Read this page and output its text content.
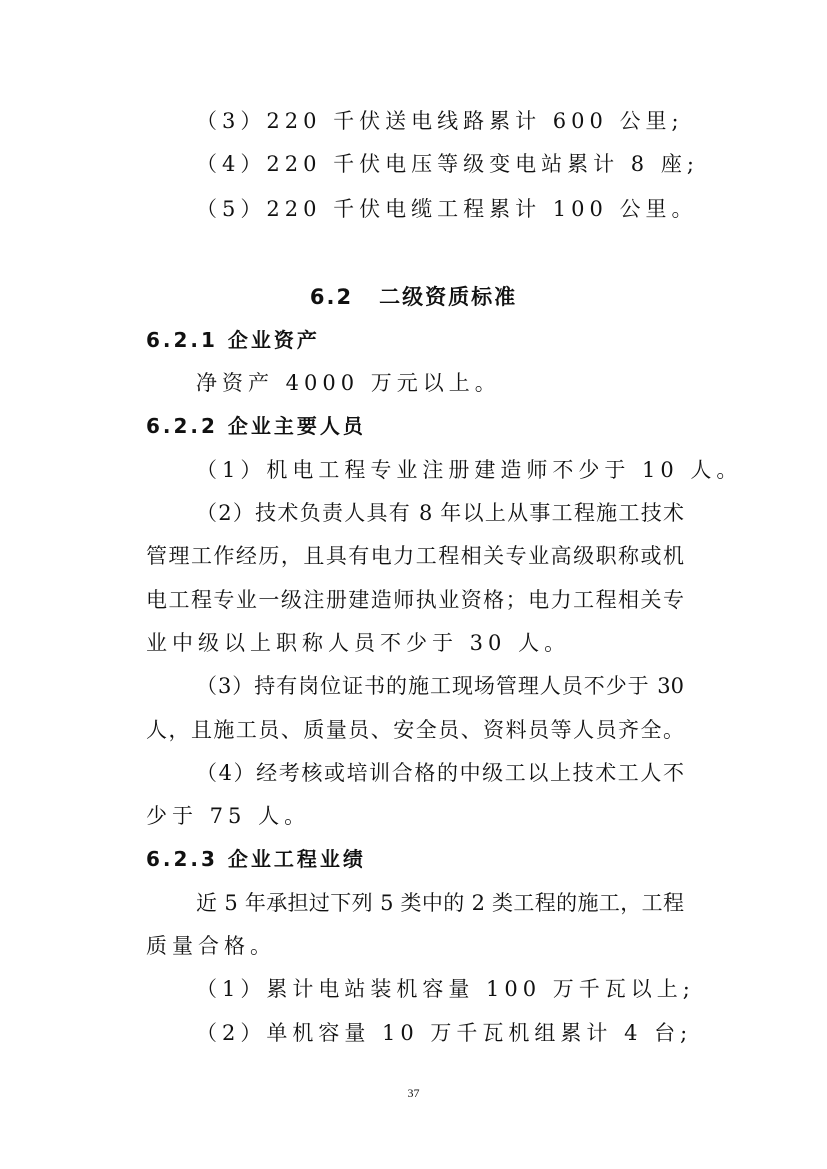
（3）220 千伏送电线路累计 600 公里;
（4）220 千伏电压等级变电站累计 8 座;
（5）220 千伏电缆工程累计 100 公里。
6.2 二级资质标准
6.2.1 企业资产
净资产 4000 万元以上。
6.2.2 企业主要人员
（1）机电工程专业注册建造师不少于 10 人。
（2）技术负责人具有 8 年以上从事工程施工技术
管理工作经历，且具有电力工程相关专业高级职称或机
电工程专业一级注册建造师执业资格；电力工程相关专
业中级以上职称人员不少于 30 人。
（3）持有岗位证书的施工现场管理人员不少于 30
人，且施工员、质量员、安全员、资料员等人员齐全。
（4）经考核或培训合格的中级工以上技术工人不
少于 75 人。
6.2.3 企业工程业绩
近 5 年承担过下列 5 类中的 2 类工程的施工，工程
质量合格。
（1）累计电站装机容量 100 万千瓦以上;
（2）单机容量 10 万千瓦机组累计 4 台;
37
